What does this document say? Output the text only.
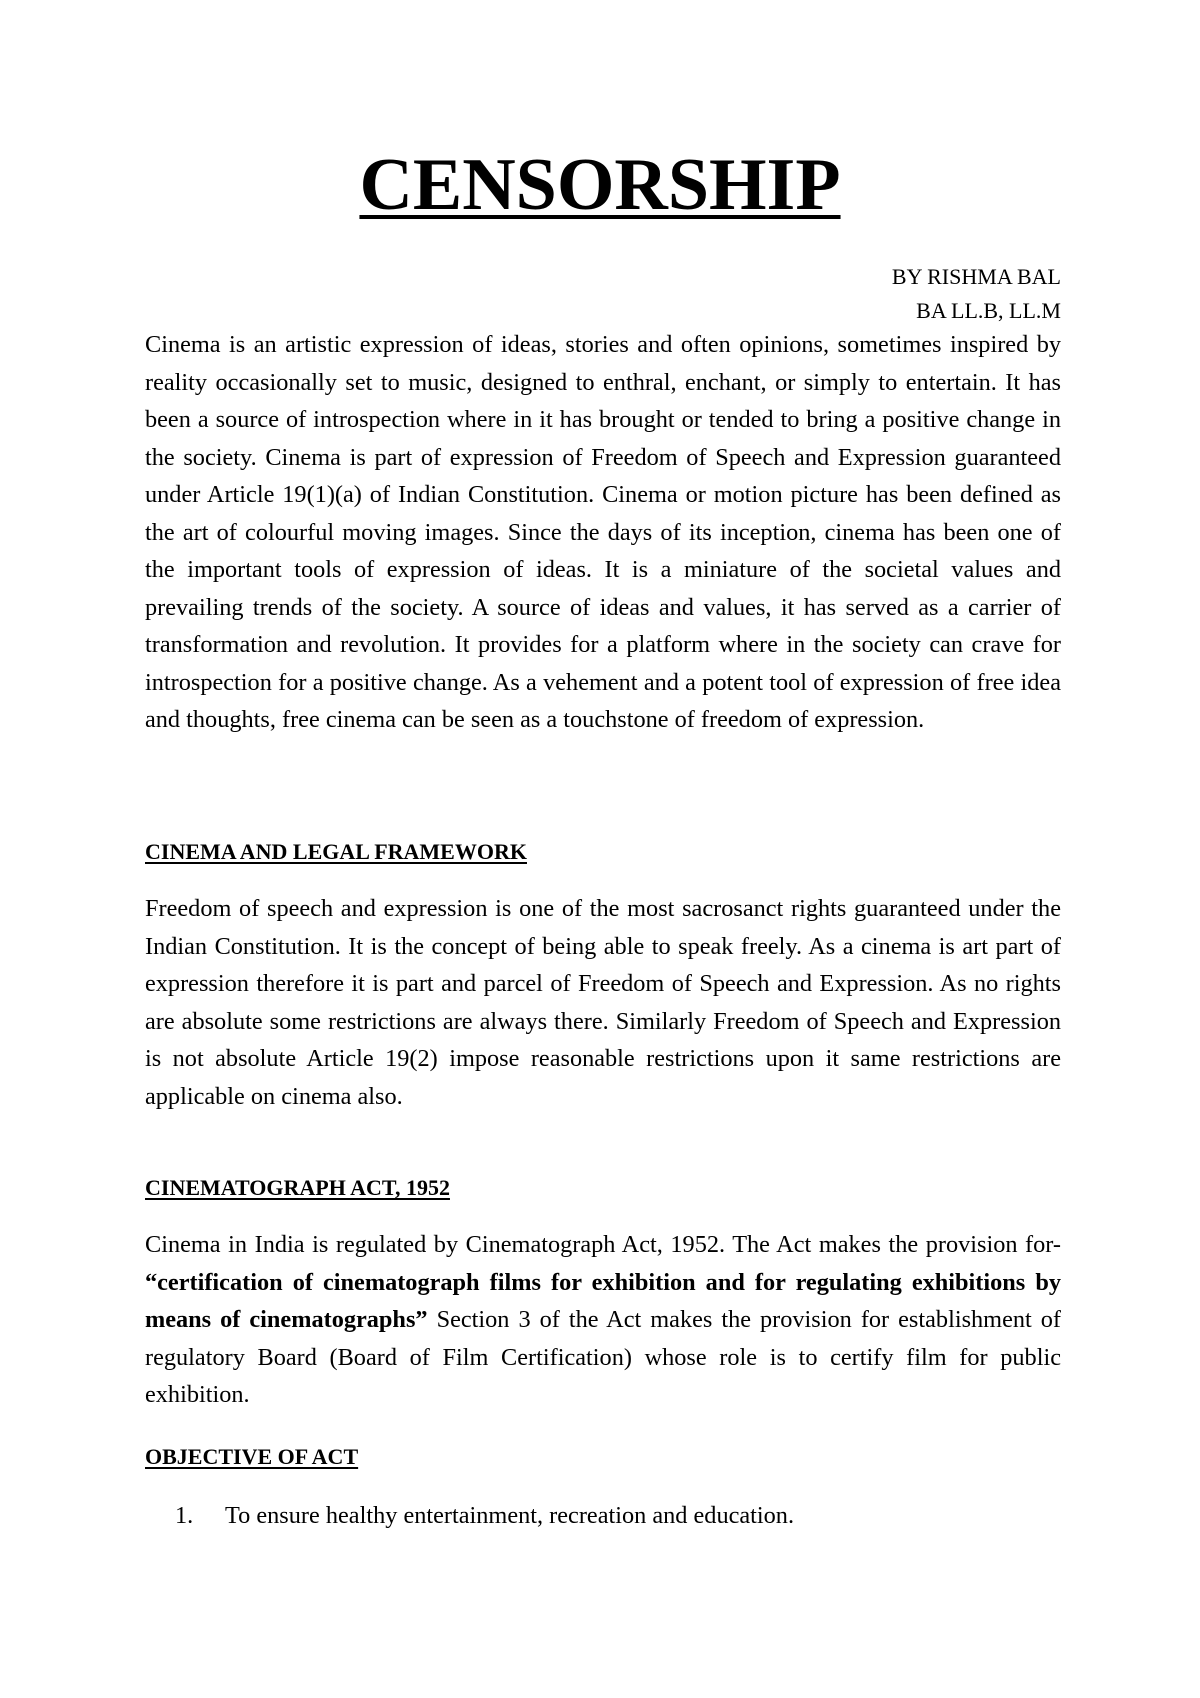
CENSORSHIP

BY RISHMA BAL

BA LL.B, LL.M

Cinema is an artistic expression of ideas, stories and often opinions, sometimes inspired by reality occasionally set to music, designed to enthral, enchant, or simply to entertain. It has been a source of introspection where in it has brought or tended to bring a positive change in the society. Cinema is part of expression of Freedom of Speech and Expression guaranteed under Article 19(1)(a) of Indian Constitution. Cinema or motion picture has been defined as the art of colourful moving images. Since the days of its inception, cinema has been one of the important tools of expression of ideas. It is a miniature of the societal values and prevailing trends of the society. A source of ideas and values, it has served as a carrier of transformation and revolution. It provides for a platform where in the society can crave for introspection for a positive change. As a vehement and a potent tool of expression of free idea and thoughts, free cinema can be seen as a touchstone of freedom of expression.

CINEMA AND LEGAL FRAMEWORK

Freedom of speech and expression is one of the most sacrosanct rights guaranteed under the Indian Constitution. It is the concept of being able to speak freely. As a cinema is art part of expression therefore it is part and parcel of Freedom of Speech and Expression. As no rights are absolute some restrictions are always there. Similarly Freedom of Speech and Expression is not absolute Article 19(2) impose reasonable restrictions upon it same restrictions are applicable on cinema also.

CINEMATOGRAPH ACT, 1952

Cinema in India is regulated by Cinematograph Act, 1952. The Act makes the provision for- “certification of cinematograph films for exhibition and for regulating exhibitions by means of cinematographs” Section 3 of the Act makes the provision for establishment of regulatory Board (Board of Film Certification) whose role is to certify film for public exhibition.

OBJECTIVE OF ACT
1.	To ensure healthy entertainment, recreation and education.
